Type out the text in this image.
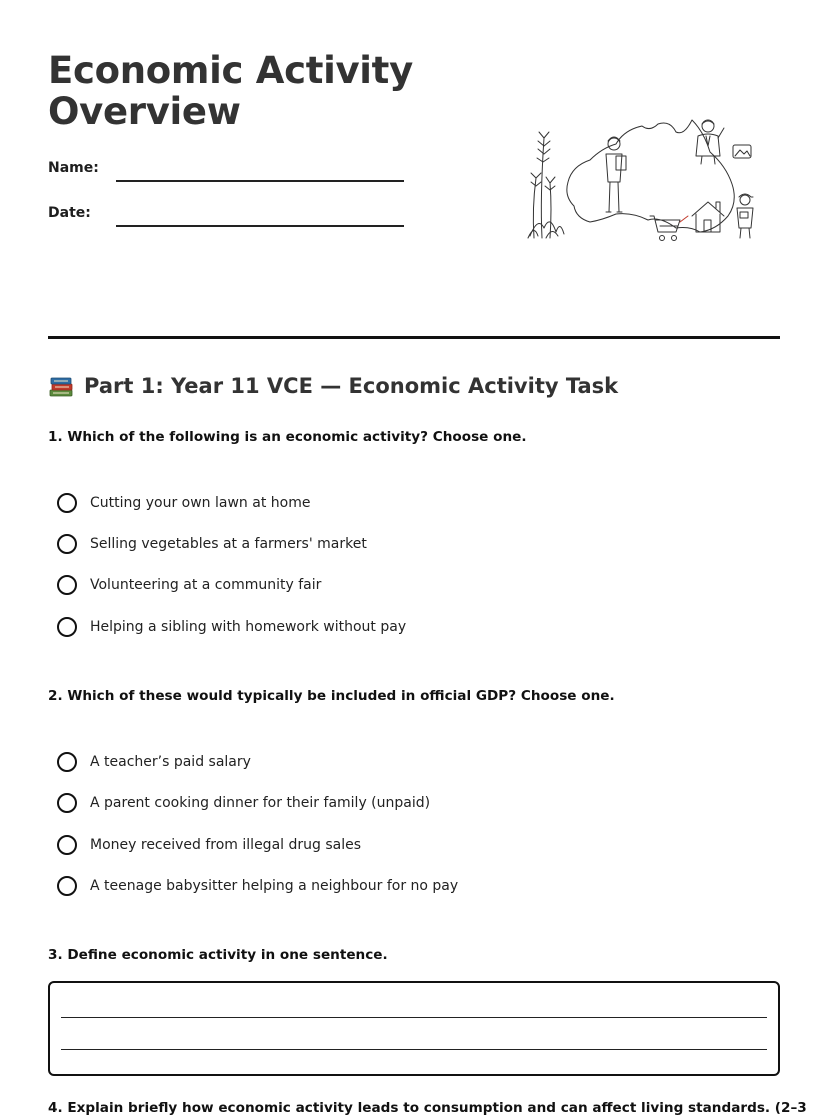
Economic Activity
Overview
Name:
Date:
Part 1: Year 11 VCE — Economic Activity Task
1. Which of the following is an economic activity? Choose one.
Cutting your own lawn at home
Selling vegetables at a farmers' market
Volunteering at a community fair
Helping a sibling with homework without pay
2. Which of these would typically be included in official GDP? Choose one.
A teacher’s paid salary
A parent cooking dinner for their family (unpaid)
Money received from illegal drug sales
A teenage babysitter helping a neighbour for no pay
3. Define economic activity in one sentence.
4. Explain briefly how economic activity leads to consumption and can affect living standards. (2–3
